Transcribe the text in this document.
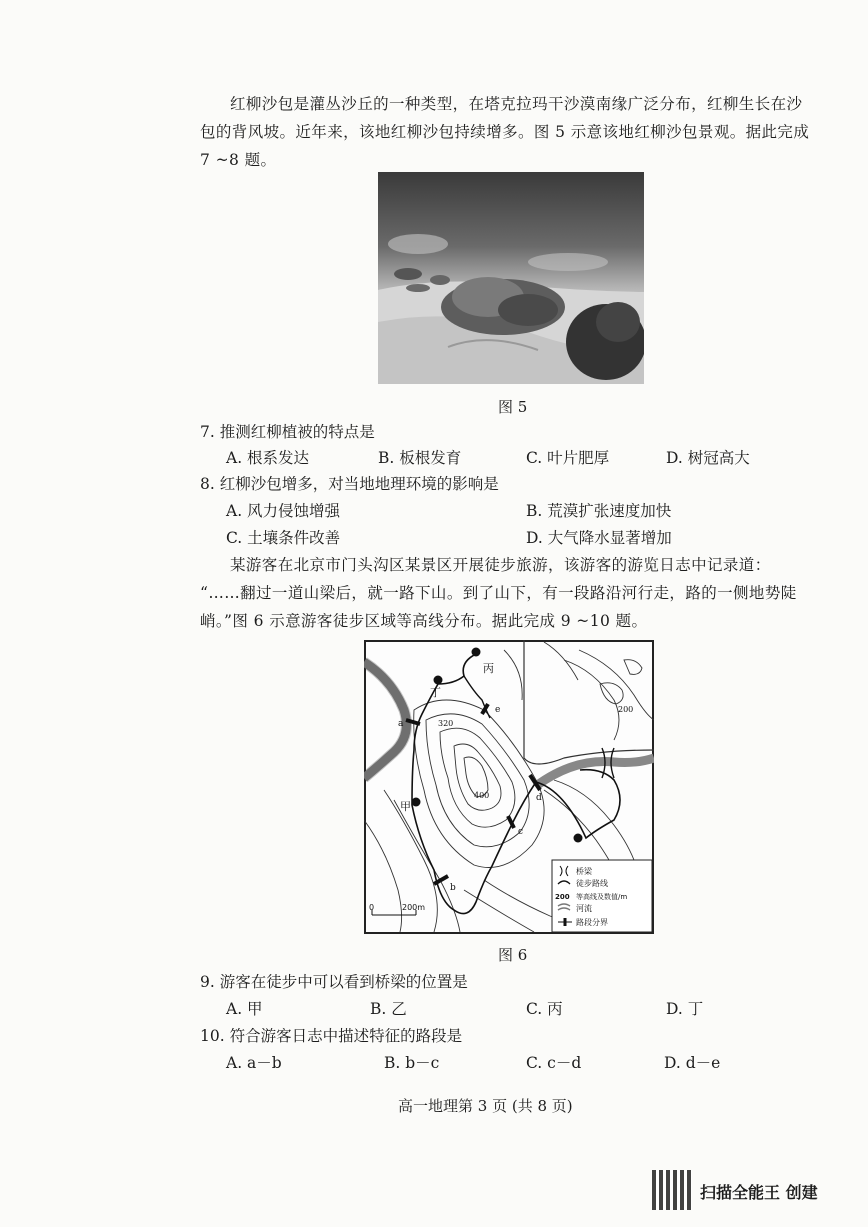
红柳沙包是灌丛沙丘的一种类型，在塔克拉玛干沙漠南缘广泛分布，红柳生长在沙
包的背风坡。近年来，该地红柳沙包持续增多。图 5 示意该地红柳沙包景观。据此完成
7 ~8 题。
图 5
7. 推测红柳植被的特点是
A. 根系发达	B. 板根发育	C. 叶片肥厚	D. 树冠高大
8. 红柳沙包增多，对当地地理环境的影响是
A. 风力侵蚀增强	B. 荒漠扩张速度加快
C. 土壤条件改善	D. 大气降水显著增加
某游客在北京市门头沟区某景区开展徒步旅游，该游客的游览日志中记录道：
“……翻过一道山梁后，就一路下山。到了山下，有一段路沿河行走，路的一侧地势陡
峭。”图 6 示意游客徒步区域等高线分布。据此完成 9 ~10 题。
丙
丁
甲
e
d
c
b
a	320
400
200
0	200m
桥梁
徒步路线
200 等高线及数值/m
河流
路段分界
图 6
9. 游客在徒步中可以看到桥梁的位置是
A. 甲	B. 乙	C. 丙	D. 丁
10. 符合游客日志中描述特征的路段是
A. a－b	B. b－c	C. c－d	D. d－e
高一地理第 3 页 (共 8 页)
扫描全能王 创建
